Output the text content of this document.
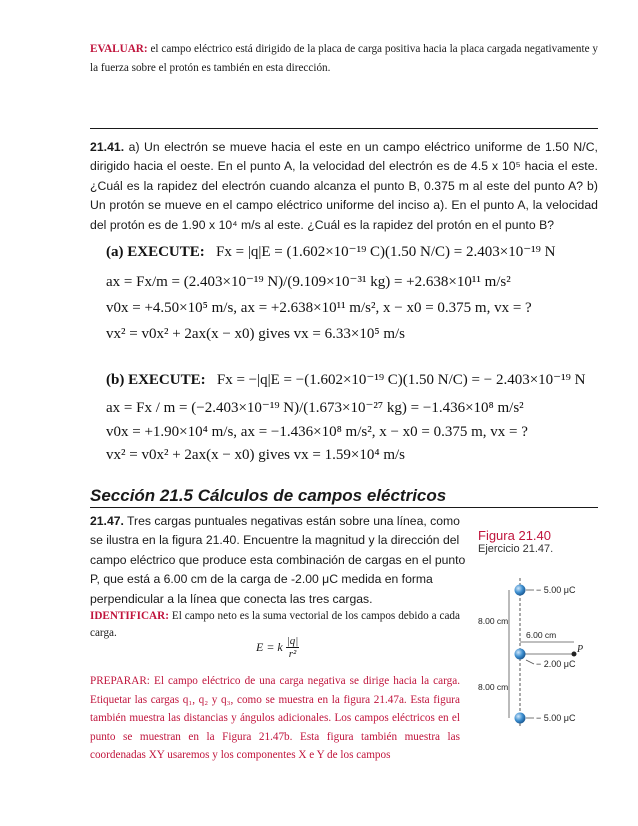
EVALUAR: el campo eléctrico está dirigido de la placa de carga positiva hacia la placa cargada negativamente y la fuerza sobre el protón es también en esta dirección.
21.41. a) Un electrón se mueve hacia el este en un campo eléctrico uniforme de 1.50 N/C, dirigido hacia el oeste. En el punto A, la velocidad del electrón es de 4.5 x 10⁵ hacia el este. ¿Cuál es la rapidez del electrón cuando alcanza el punto B, 0.375 m al este del punto A? b) Un protón se mueve en el campo eléctrico uniforme del inciso a). En el punto A, la velocidad del protón es de 1.90 x 10⁴ m/s al este. ¿Cuál es la rapidez del protón en el punto B?
(a) EXECUTE: Fx = |q|E = (1.602×10⁻¹⁹ C)(1.50 N/C) = 2.403×10⁻¹⁹ N
ax = Fx/m = (2.403×10⁻¹⁹ N)/(9.109×10⁻³¹ kg) = +2.638×10¹¹ m/s²
v0x = +4.50×10⁵ m/s, ax = +2.638×10¹¹ m/s², x − x0 = 0.375 m, vx = ?
vx² = v0x² + 2ax(x − x0) gives vx = 6.33×10⁵ m/s
(b) EXECUTE: Fx = −|q|E = −(1.602×10⁻¹⁹ C)(1.50 N/C) = − 2.403×10⁻¹⁹ N
ax = Fx / m = (−2.403×10⁻¹⁹ N)/(1.673×10⁻²⁷ kg) = −1.436×10⁸ m/s²
v0x = +1.90×10⁴ m/s, ax = −1.436×10⁸ m/s², x − x0 = 0.375 m, vx = ?
vx² = v0x² + 2ax(x − x0) gives vx = 1.59×10⁴ m/s
Sección 21.5 Cálculos de campos eléctricos
21.47. Tres cargas puntuales negativas están sobre una línea, como se ilustra en la figura 21.40. Encuentre la magnitud y la dirección del campo eléctrico que produce esta combinación de cargas en el punto P, que está a 6.00 cm de la carga de -2.00 μC medida en forma perpendicular a la línea que conecta las tres cargas.
Figura 21.40
Ejercicio 21.47.
− 5.00 μC
− 2.00 μC
− 5.00 μC
8.00 cm
8.00 cm
6.00 cm
P
IDENTIFICAR: El campo neto es la suma vectorial de los campos debido a cada carga.
E = k $\frac{|q|}{\text{r²}}$
PREPARAR: El campo eléctrico de una carga negativa se dirige hacia la carga. Etiquetar las cargas q₁, q₂ y q₃, como se muestra en la figura 21.47a. Esta figura también muestra las distancias y ángulos adicionales. Los campos eléctricos en el punto se muestran en la Figura 21.47b. Esta figura también muestra las coordenadas XY usaremos y los componentes X e Y de los campos
